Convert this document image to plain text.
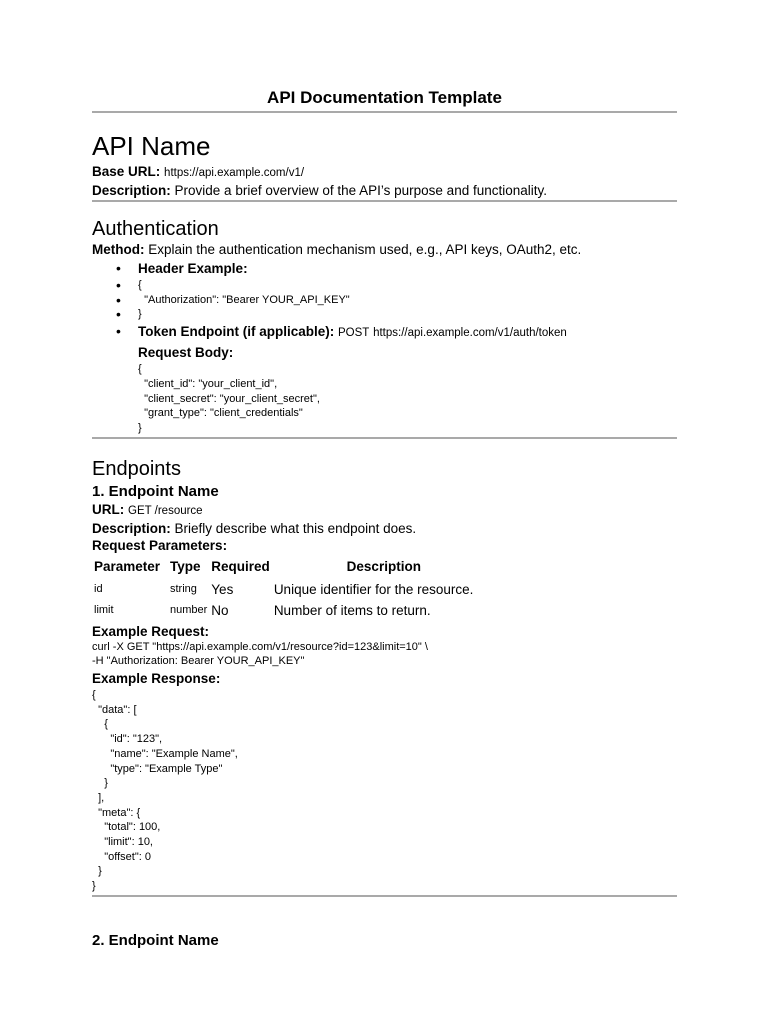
API Documentation Template
API Name

Base URL: https://api.example.com/v1/

Description: Provide a brief overview of the API’s purpose and functionality.

Authentication

Method: Explain the authentication mechanism used, e.g., API keys, OAuth2, etc.

• Header Example:
• {
•   "Authorization": "Bearer YOUR_API_KEY"
• }
• Token Endpoint (if applicable): POST https://api.example.com/v1/auth/token

Request Body:

{

"client_id": "your_client_id",

"client_secret": "your_client_secret",

"grant_type": "client_credentials"

}

Endpoints
1. Endpoint Name

URL: GET /resource

Description: Briefly describe what this endpoint does.

Request Parameters:

Parameter	Type	Required	Description
id	string	Yes	Unique identifier for the resource.
limit	number	No	Number of items to return.

Example Request:

curl -X GET "https://api.example.com/v1/resource?id=123&limit=10" \

-H "Authorization: Bearer YOUR_API_KEY"

Example Response:

{

"data": [

{

"id": "123",

"name": "Example Name",

"type": "Example Type"

}

],

"meta": {

"total": 100,

"limit": 10,

"offset": 0

}

}

2. Endpoint Name
